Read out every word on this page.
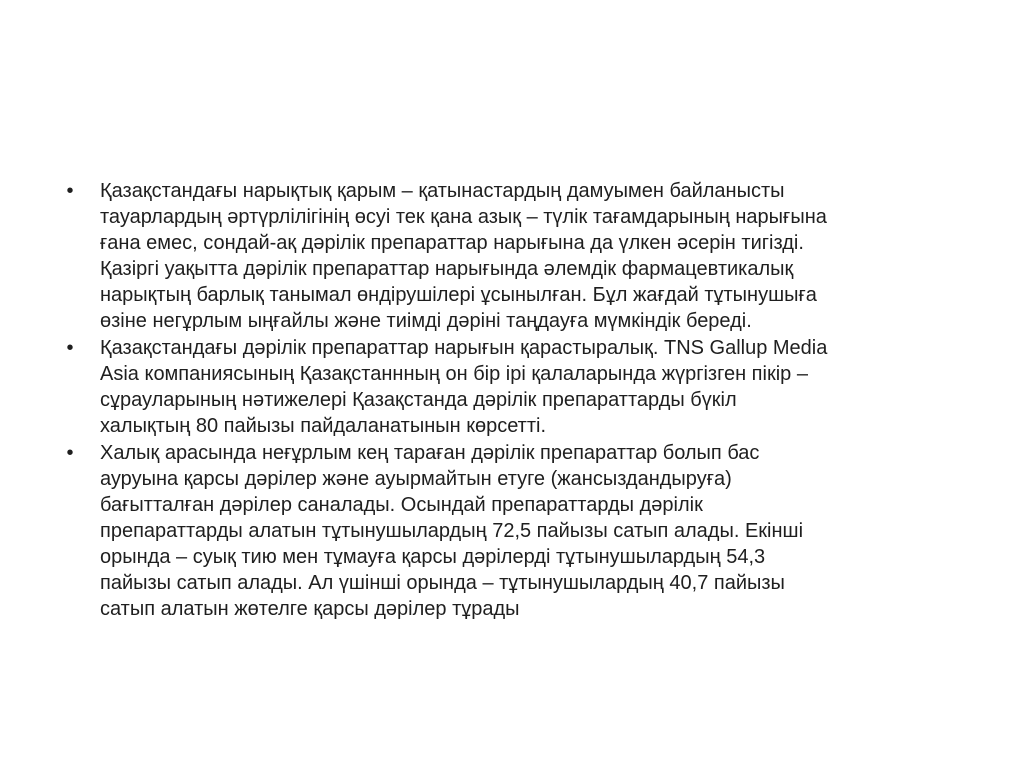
•	Қазақстандағы нарықтық қарым – қатынастардың дамуымен байланысты
тауарлардың әртүрлілігінің өсуі тек қана азық – түлік тағамдарының нарығына
ғана емес, сондай-ақ дәрілік препараттар нарығына да үлкен әсерін тигізді.
Қазіргі уақытта дәрілік препараттар нарығында әлемдік фармацевтикалық
нарықтың барлық танымал өндірушілері ұсынылған. Бұл жағдай тұтынушыға
өзіне негұрлым ыңғайлы және тиімді дәріні таңдауға мүмкіндік береді.
•	Қазақстандағы дәрілік препараттар нарығын қарастыралық. TNS Gallup Media
Asia компаниясының Қазақстаннның он бір ірі қалаларында жүргізген пікір –
сұрауларының нәтижелері Қазақстанда дәрілік препараттарды бүкіл
халықтың 80 пайызы пайдаланатынын көрсетті.
•	Халық арасында неғұрлым кең тараған дәрілік препараттар болып бас
ауруына қарсы дәрілер және ауырмайтын етуге (жансыздандыруға)
бағытталған дәрілер саналады. Осындай препараттарды дәрілік
препараттарды алатын тұтынушылардың 72,5 пайызы сатып алады. Екінші
орында – суық тию мен тұмауға қарсы дәрілерді тұтынушылардың 54,3
пайызы сатып алады. Ал үшінші орында – тұтынушылардың 40,7 пайызы
сатып алатын жөтелге қарсы дәрілер тұрады
